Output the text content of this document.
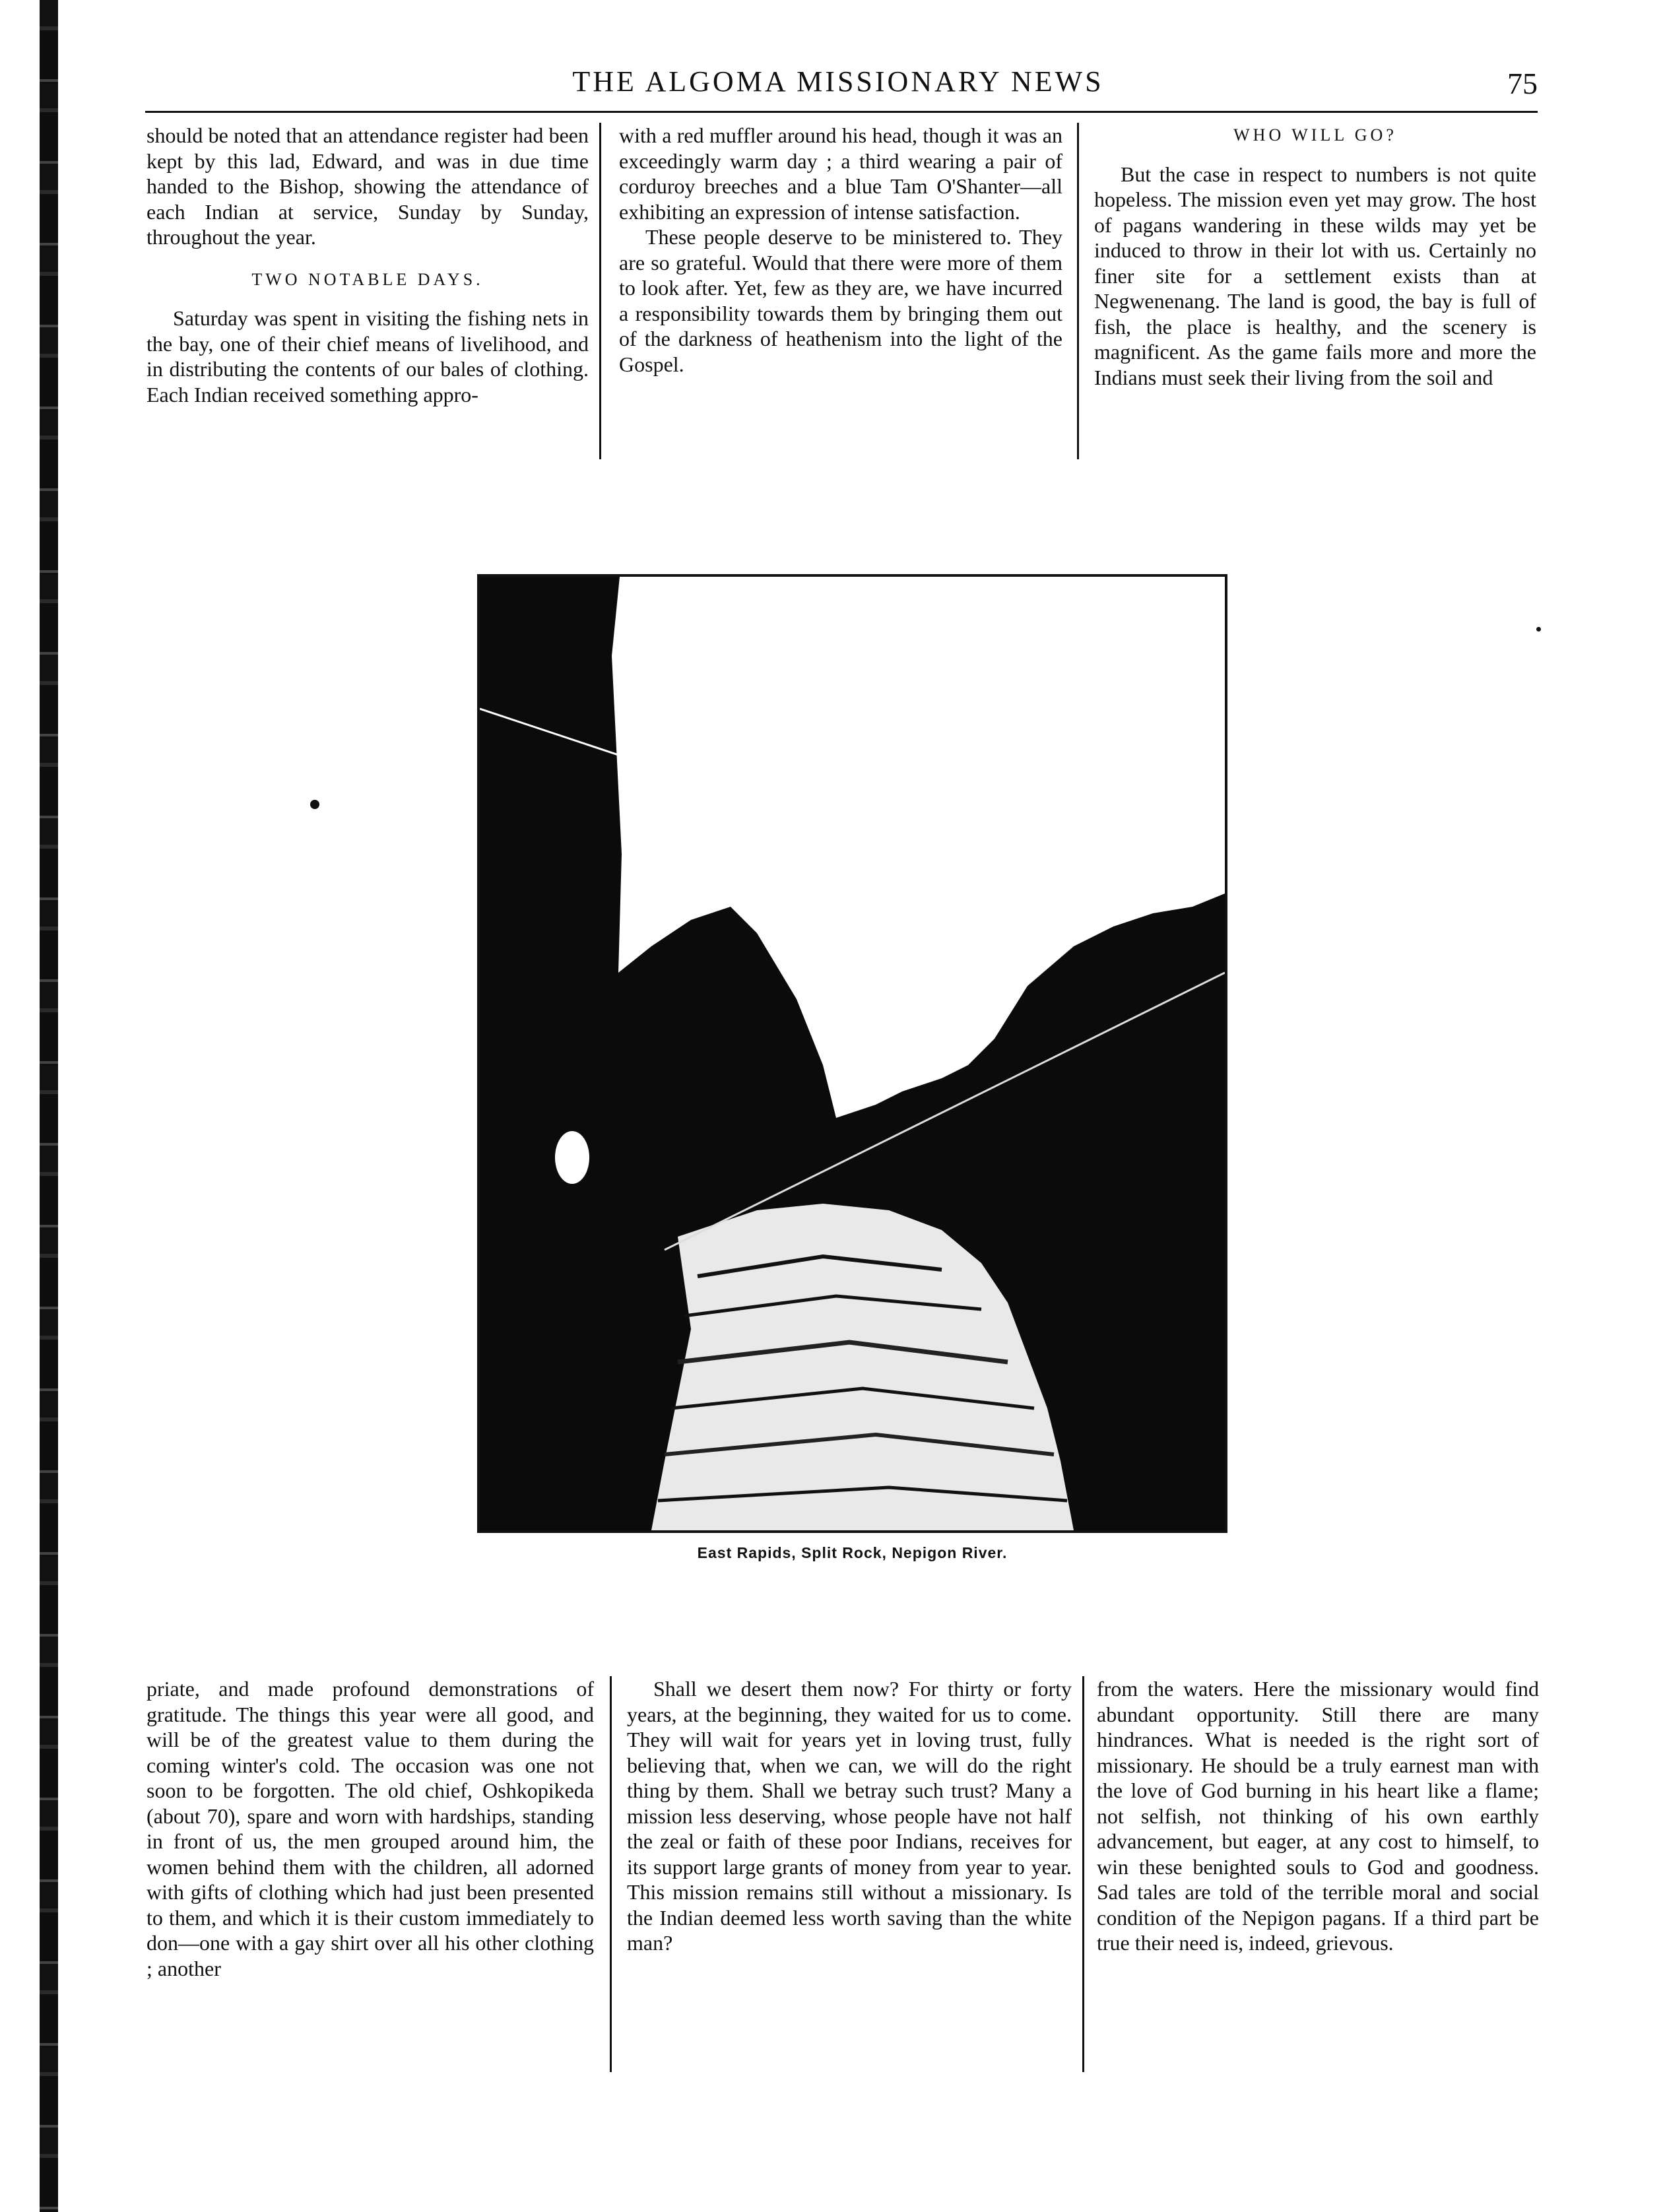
THE ALGOMA MISSIONARY NEWS	75

should be noted that an attendance register had been kept by this lad, Edward, and was in due time handed to the Bishop, showing the attendance of each Indian at service, Sunday by Sunday, throughout the year.

TWO NOTABLE DAYS.

Saturday was spent in visiting the fishing nets in the bay, one of their chief means of livelihood, and in distributing the contents of our bales of clothing. Each Indian received something appro-

with a red muffler around his head, though it was an exceedingly warm day ; a third wearing a pair of corduroy breeches and a blue Tam O'Shanter—all exhibiting an expression of intense satisfaction.

These people deserve to be ministered to. They are so grateful. Would that there were more of them to look after. Yet, few as they are, we have incurred a responsibility towards them by bringing them out of the darkness of heathenism into the light of the Gospel.

WHO WILL GO?

But the case in respect to numbers is not quite hopeless. The mission even yet may grow. The host of pagans wandering in these wilds may yet be induced to throw in their lot with us. Certainly no finer site for a settlement exists than at Negwenenang. The land is good, the bay is full of fish, the place is healthy, and the scenery is magnificent. As the game fails more and more the Indians must seek their living from the soil and

East Rapids, Split Rock, Nepigon River.

priate, and made profound demonstrations of gratitude. The things this year were all good, and will be of the greatest value to them during the coming winter's cold. The occasion was one not soon to be forgotten. The old chief, Oshkopikeda (about 70), spare and worn with hardships, standing in front of us, the men grouped around him, the women behind them with the children, all adorned with gifts of clothing which had just been presented to them, and which it is their custom immediately to don—one with a gay shirt over all his other clothing ; another

Shall we desert them now? For thirty or forty years, at the beginning, they waited for us to come. They will wait for years yet in loving trust, fully believing that, when we can, we will do the right thing by them. Shall we betray such trust? Many a mission less deserving, whose people have not half the zeal or faith of these poor Indians, receives for its support large grants of money from year to year. This mission remains still without a missionary. Is the Indian deemed less worth saving than the white man?

from the waters. Here the missionary would find abundant opportunity. Still there are many hindrances. What is needed is the right sort of missionary. He should be a truly earnest man with the love of God burning in his heart like a flame; not selfish, not thinking of his own earthly advancement, but eager, at any cost to himself, to win these benighted souls to God and goodness. Sad tales are told of the terrible moral and social condition of the Nepigon pagans. If a third part be true their need is, indeed, grievous.
